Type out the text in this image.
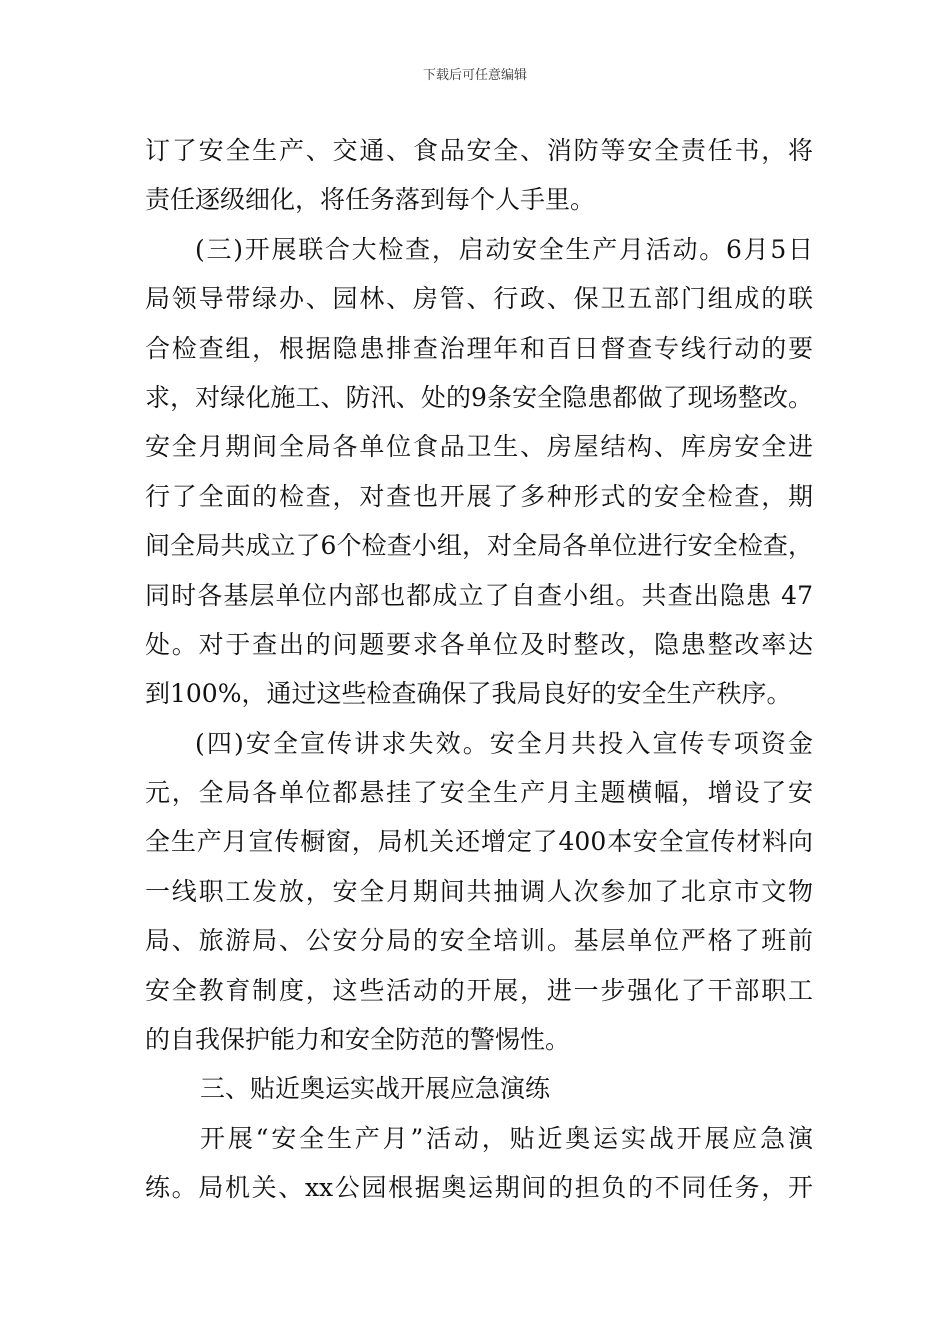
下载后可任意编辑
订了安全生产、交通、食品安全、消防等安全责任书，将
责任逐级细化，将任务落到每个人手里。
(三)开展联合大检查，启动安全生产月活动。6月5日
局领导带绿办、园林、房管、行政、保卫五部门组成的联
合检查组，根据隐患排查治理年和百日督查专线行动的要
求，对绿化施工、防汛、处的9条安全隐患都做了现场整改。
安全月期间全局各单位食品卫生、房屋结构、库房安全进
行了全面的检查，对查也开展了多种形式的安全检查，期
间全局共成立了6个检查小组，对全局各单位进行安全检查，
同时各基层单位内部也都成立了自查小组。共查出隐患 47
处。对于查出的问题要求各单位及时整改，隐患整改率达
到100%，通过这些检查确保了我局良好的安全生产秩序。
(四)安全宣传讲求失效。安全月共投入宣传专项资金
元，全局各单位都悬挂了安全生产月主题横幅，增设了安
全生产月宣传橱窗，局机关还增定了400本安全宣传材料向
一线职工发放，安全月期间共抽调人次参加了北京市文物
局、旅游局、公安分局的安全培训。基层单位严格了班前
安全教育制度，这些活动的开展，进一步强化了干部职工
的自我保护能力和安全防范的警惕性。
三、贴近奥运实战开展应急演练
开展“安全生产月”活动，贴近奥运实战开展应急演
练。局机关、xx公园根据奥运期间的担负的不同任务，开
